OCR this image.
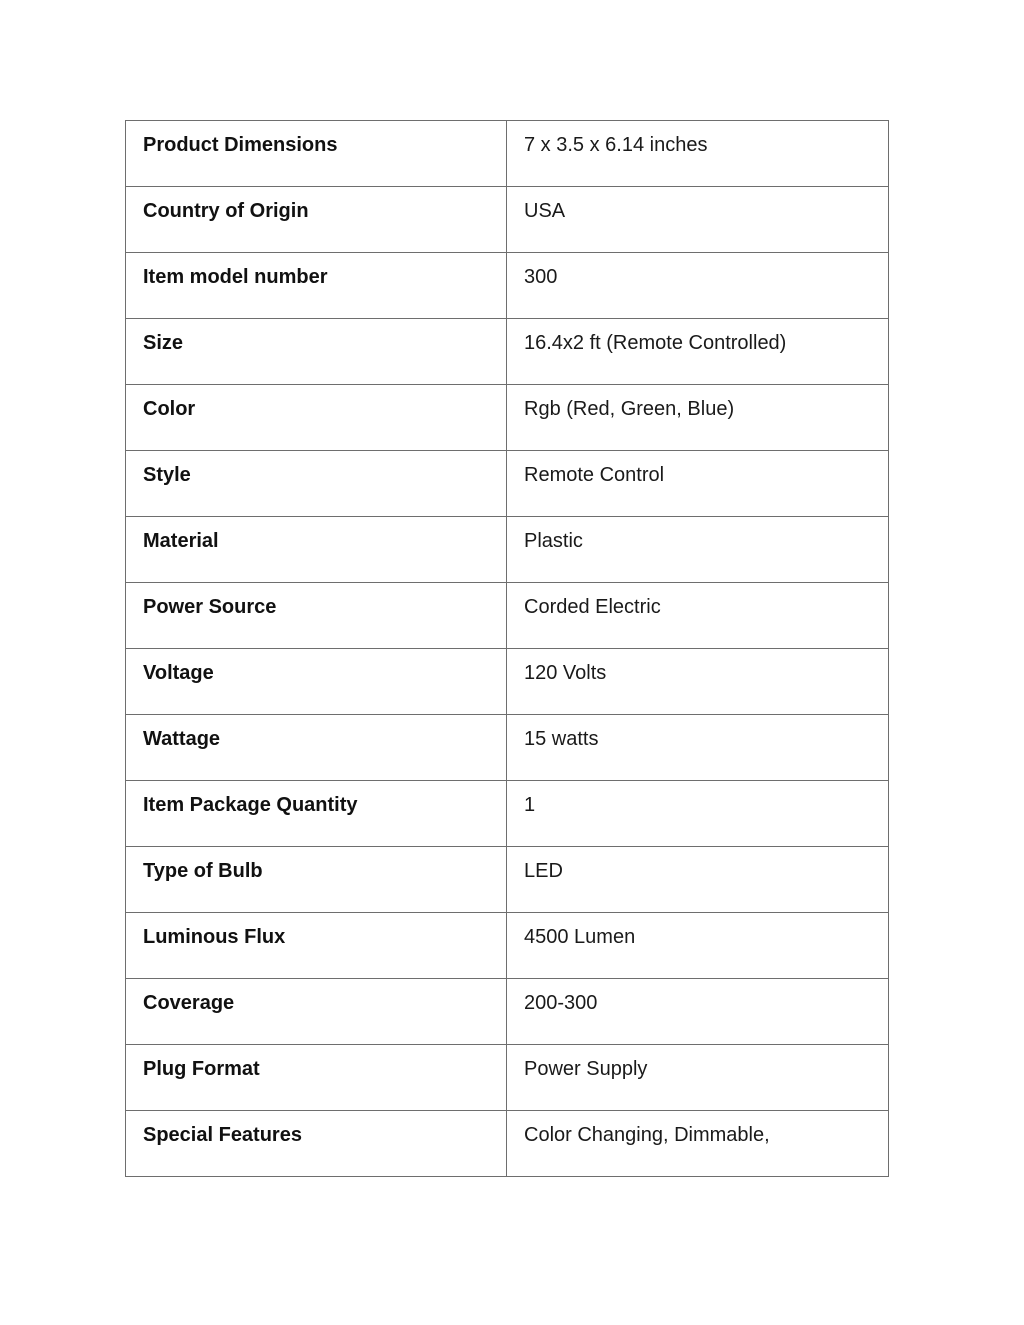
Product Dimensions	7 x 3.5 x 6.14 inches
Country of Origin	USA
Item model number	300
Size	16.4x2 ft (Remote Controlled)
Color	Rgb (Red, Green, Blue)
Style	Remote Control
Material	Plastic
Power Source	Corded Electric
Voltage	120 Volts
Wattage	15 watts
Item Package Quantity	1
Type of Bulb	LED
Luminous Flux	4500 Lumen
Coverage	200-300
Plug Format	Power Supply
Special Features	Color Changing, Dimmable,
